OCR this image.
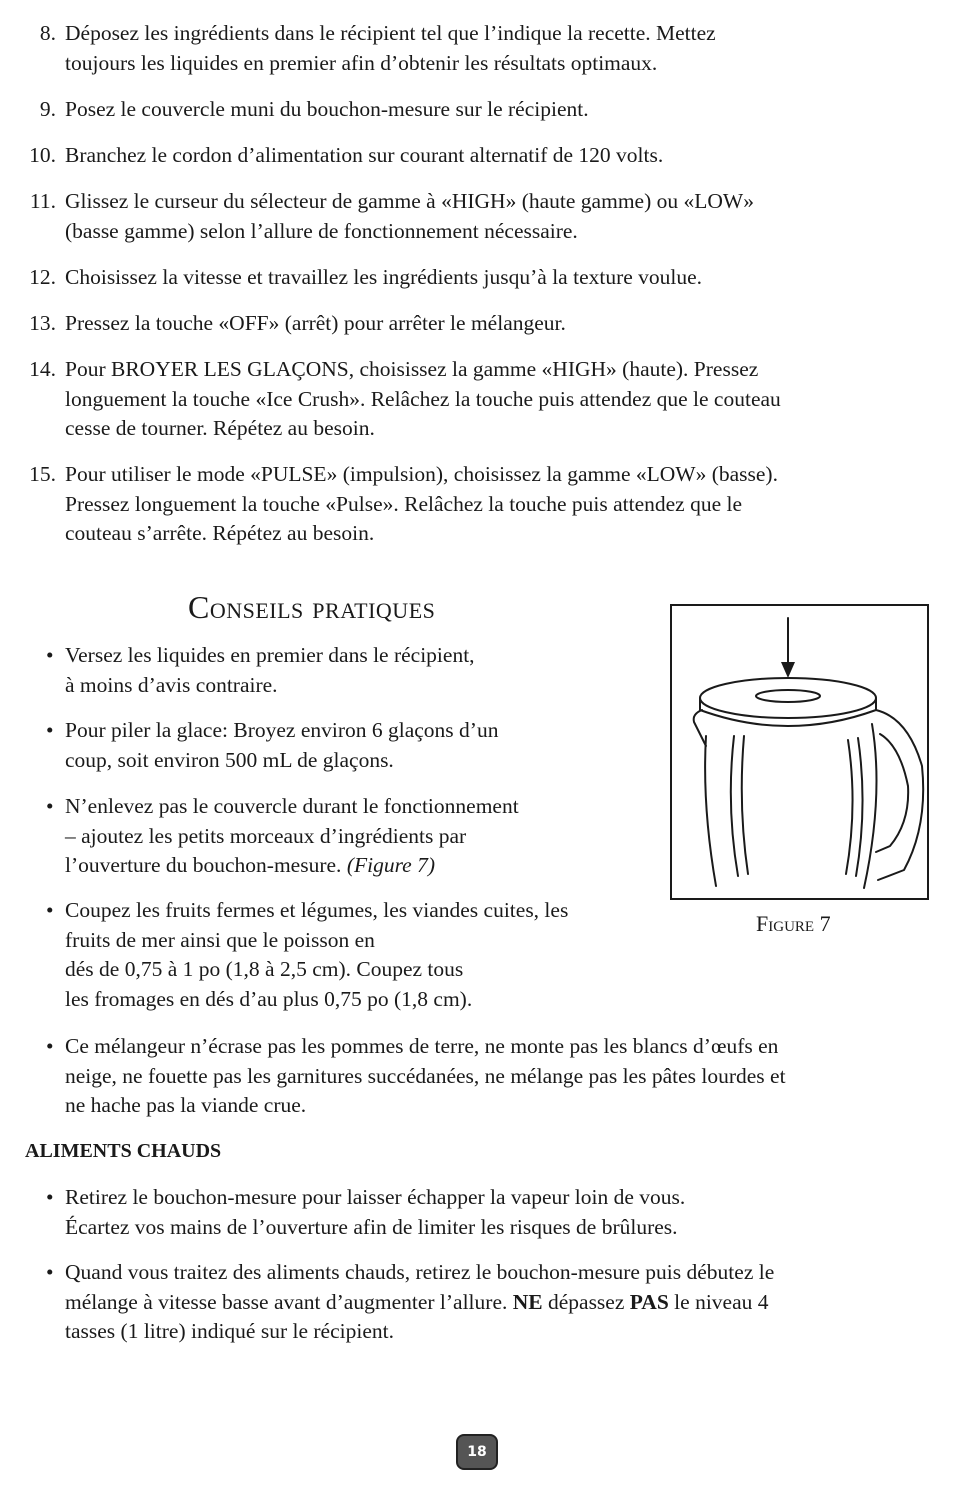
8. Déposez les ingrédients dans le récipient tel que l’indique la recette. Mettez
toujours les liquides en premier afin d’obtenir les résultats optimaux.
9. Posez le couvercle muni du bouchon-mesure sur le récipient.
10. Branchez le cordon d’alimentation sur courant alternatif de 120 volts.
11. Glissez le curseur du sélecteur de gamme à «HIGH» (haute gamme) ou «LOW»
(basse gamme) selon l’allure de fonctionnement nécessaire.
12. Choisissez la vitesse et travaillez les ingrédients jusqu’à la texture voulue.
13. Pressez la touche «OFF» (arrêt) pour arrêter le mélangeur.
14. Pour BROYER LES GLAÇONS, choisissez la gamme «HIGH» (haute). Pressez
longuement la touche «Ice Crush». Relâchez la touche puis attendez que le couteau
cesse de tourner. Répétez au besoin.
15. Pour utiliser le mode «PULSE» (impulsion), choisissez la gamme «LOW» (basse).
Pressez longuement la touche «Pulse». Relâchez la touche puis attendez que le
couteau s’arrête. Répétez au besoin.
Conseils pratiques
• Versez les liquides en premier dans le récipient,
à moins d’avis contraire.
• Pour piler la glace: Broyez environ 6 glaçons d’un
coup, soit environ 500 mL de glaçons.
• N’enlevez pas le couvercle durant le fonctionnement
– ajoutez les petits morceaux d’ingrédients par
l’ouverture du bouchon-mesure. (Figure 7)
• Coupez les fruits fermes et légumes, les viandes cuites, les
fruits de mer ainsi que le poisson en
dés de 0,75 à 1 po (1,8 à 2,5 cm). Coupez tous
les fromages en dés d’au plus 0,75 po (1,8 cm).
• Ce mélangeur n’écrase pas les pommes de terre, ne monte pas les blancs d’œufs en
neige, ne fouette pas les garnitures succédanées, ne mélange pas les pâtes lourdes et
ne hache pas la viande crue.
Figure 7
ALIMENTS CHAUDS
• Retirez le bouchon-mesure pour laisser échapper la vapeur loin de vous.
Écartez vos mains de l’ouverture afin de limiter les risques de brûlures.
• Quand vous traitez des aliments chauds, retirez le bouchon-mesure puis débutez le
mélange à vitesse basse avant d’augmenter l’allure. NE dépassez PAS le niveau 4
tasses (1 litre) indiqué sur le récipient.
18
